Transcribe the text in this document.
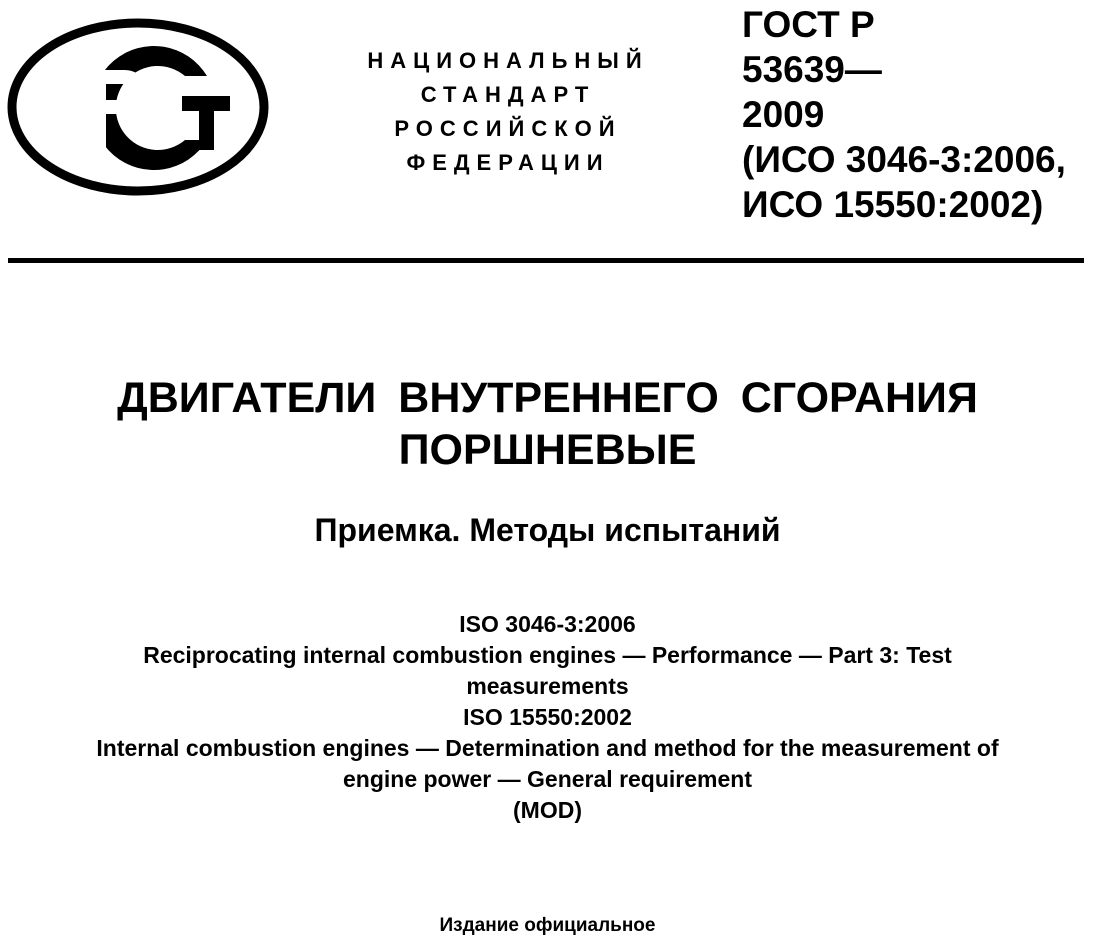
НАЦИОНАЛЬНЫЙ
СТАНДАРТ
РОССИЙСКОЙ
ФЕДЕРАЦИИ
ГОСТ Р
53639—
2009
(ИСО 3046-3:2006,
ИСО 15550:2002)
ДВИГАТЕЛИ ВНУТРЕННЕГО СГОРАНИЯ
ПОРШНЕВЫЕ
Приемка. Методы испытаний
ISO 3046-3:2006
Reciprocating internal combustion engines — Performance — Part 3: Test
measurements
ISO 15550:2002
Internal combustion engines — Determination and method for the measurement of
engine power — General requirement
(MOD)
Издание официальное
